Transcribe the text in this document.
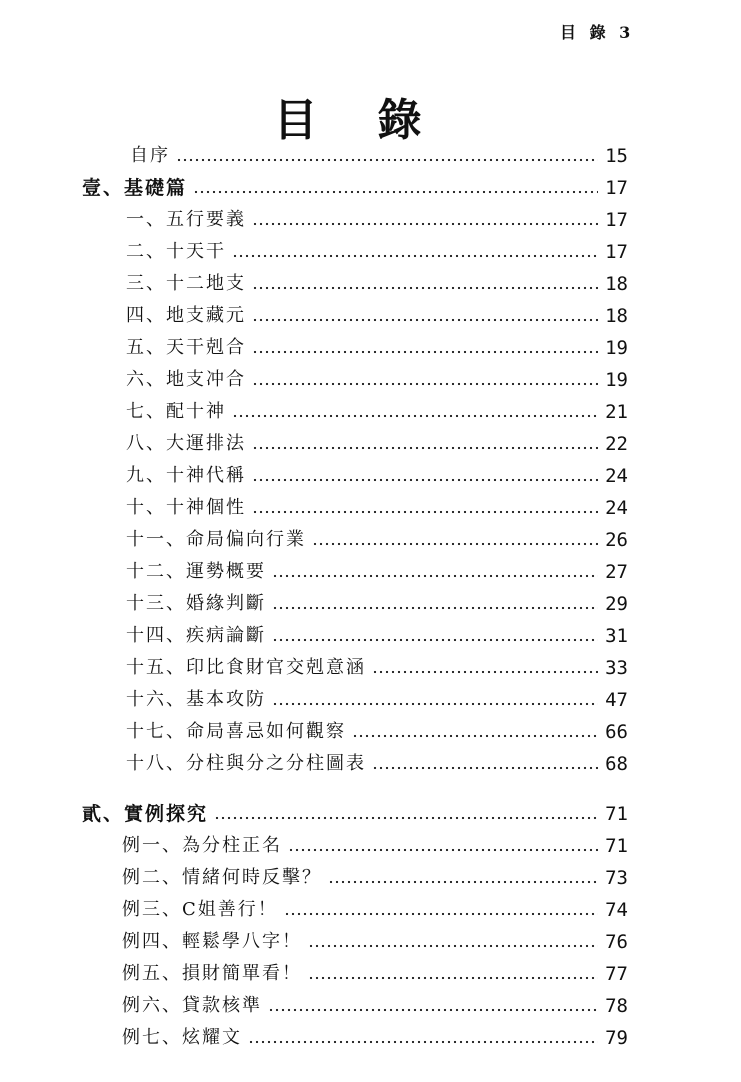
目 錄 3
目錄
自序	15
壹、基礎篇	17
一、五行要義	17
二、十天干	17
三、十二地支	18
四、地支藏元	18
五、天干剋合	19
六、地支冲合	19
七、配十神	21
八、大運排法	22
九、十神代稱	24
十、十神個性	24
十一、命局偏向行業	26
十二、運勢概要	27
十三、婚緣判斷	29
十四、疾病論斷	31
十五、印比食財官交剋意涵	33
十六、基本攻防	47
十七、命局喜忌如何觀察	66
十八、分柱與分之分柱圖表	68
貳、實例探究	71
例一、為分柱正名	71
例二、情緒何時反擊？	73
例三、C姐善行！	74
例四、輕鬆學八字！	76
例五、損財簡單看！	77
例六、貸款核準	78
例七、炫耀文	79
